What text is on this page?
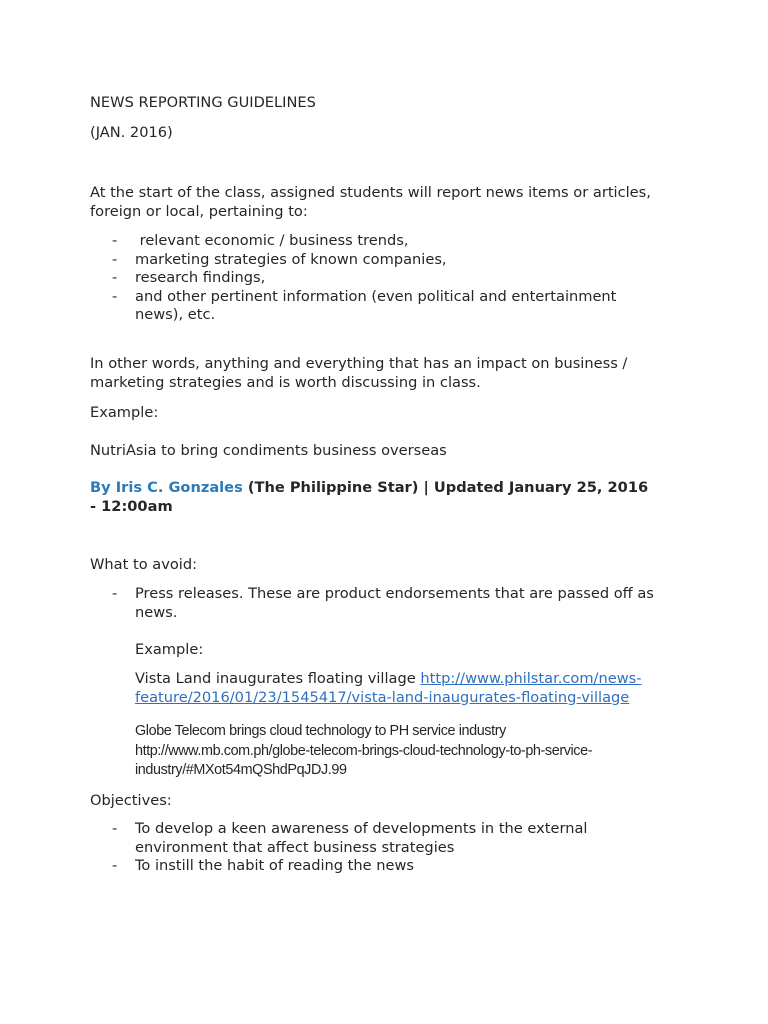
NEWS REPORTING GUIDELINES

(JAN. 2016)

At the start of the class, assigned students will report news items or articles,
foreign or local, pertaining to:
- relevant economic / business trends,
- marketing strategies of known companies,
- research findings,
- and other pertinent information (even political and entertainment
news), etc.
In other words, anything and everything that has an impact on business /
marketing strategies and is worth discussing in class.

Example:

NutriAsia to bring condiments business overseas

By Iris C. Gonzales (The Philippine Star) | Updated January 25, 2016
- 12:00am

What to avoid:

- Press releases. These are product endorsements that are passed off as
news.

Example:

Vista Land inaugurates floating village http://www.philstar.com/news-
feature/2016/01/23/1545417/vista-land-inaugurates-floating-village
Globe Telecom brings cloud technology to PH service industry
http://www.mb.com.ph/globe-telecom-brings-cloud-technology-to-ph-service-
industry/#MXot54mQShdPqJDJ.99

Objectives:

- To develop a keen awareness of developments in the external
environment that affect business strategies
- To instill the habit of reading the news
